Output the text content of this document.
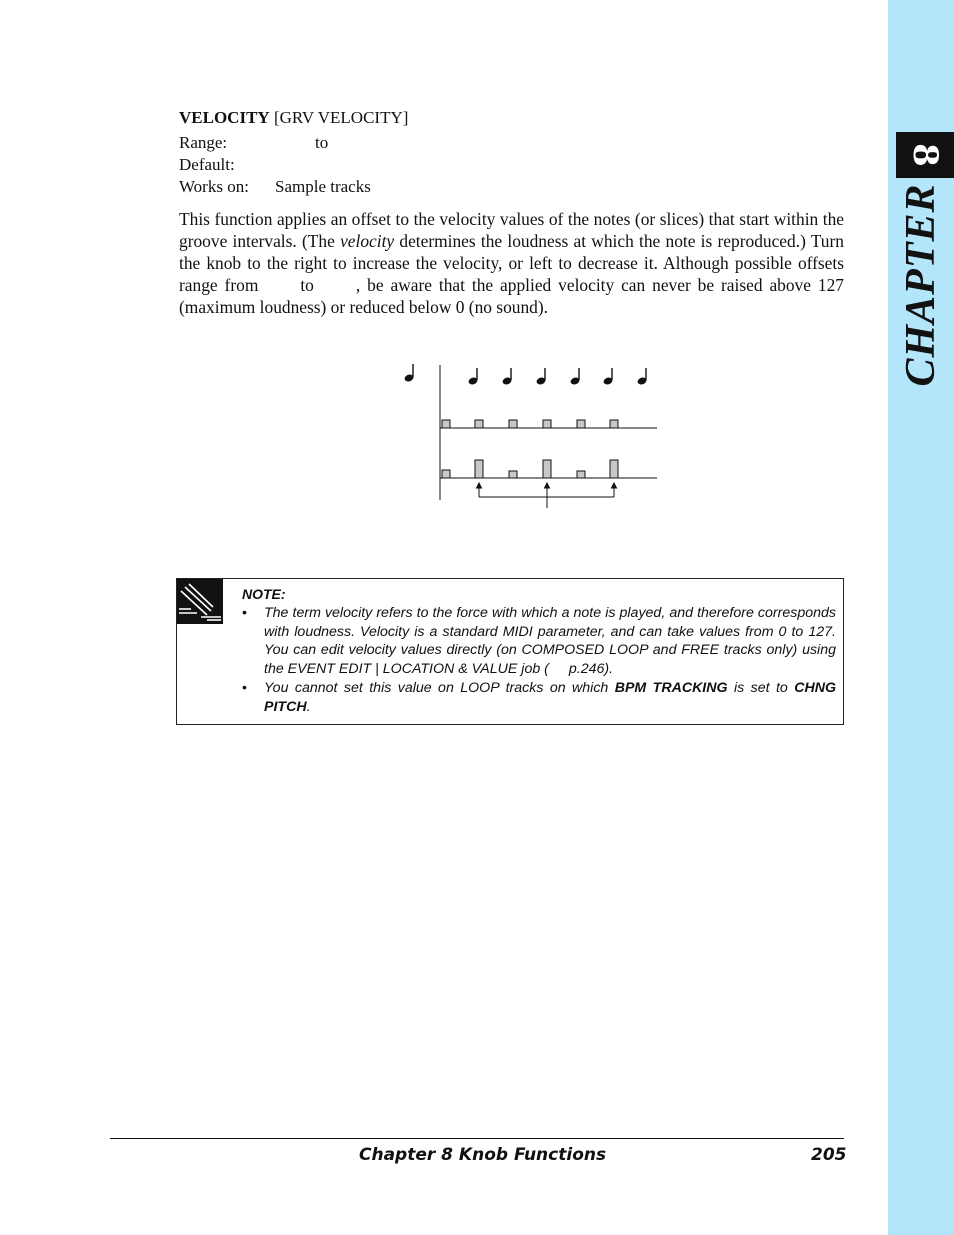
8
CHAPTER
VELOCITY [GRV VELOCITY]
Range:	to
Default:
Works on: Sample tracks

This function applies an offset to the velocity values of the notes (or slices) that start within the groove intervals. (The velocity determines the loudness at which the note is reproduced.) Turn the knob to the right to increase the velocity, or left to decrease it. Although possible offsets range from to , be aware that the applied velocity can never be raised above 127 (maximum loudness) or reduced below 0 (no sound).

NOTE:
• The term velocity refers to the force with which a note is played, and therefore corresponds with loudness. Velocity is a standard MIDI parameter, and can take values from 0 to 127. You can edit velocity values directly (on COMPOSED LOOP and FREE tracks only) using the EVENT EDIT | LOCATION & VALUE job ( p.246).
• You cannot set this value on LOOP tracks on which BPM TRACKING is set to CHNG PITCH.
Chapter 8 Knob Functions	205
